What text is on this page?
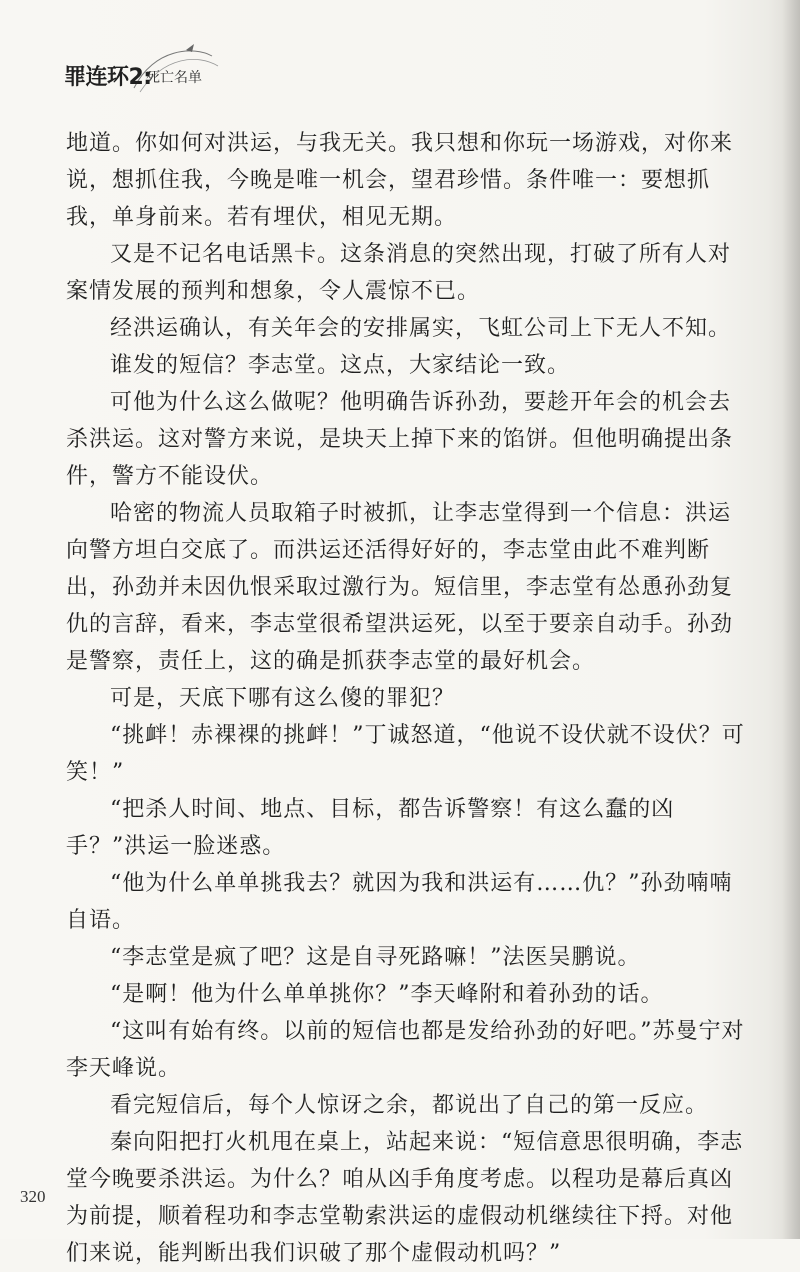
罪连环2:
死亡名单

地道。你如何对洪运，与我无关。我只想和你玩一场游戏，对你来说，想抓住我，今晚是唯一机会，望君珍惜。条件唯一：要想抓我，单身前来。若有埋伏，相见无期。

又是不记名电话黑卡。这条消息的突然出现，打破了所有人对案情发展的预判和想象，令人震惊不已。

经洪运确认，有关年会的安排属实，飞虹公司上下无人不知。

谁发的短信？李志堂。这点，大家结论一致。

可他为什么这么做呢？他明确告诉孙劲，要趁开年会的机会去杀洪运。这对警方来说，是块天上掉下来的馅饼。但他明确提出条件，警方不能设伏。

哈密的物流人员取箱子时被抓，让李志堂得到一个信息：洪运向警方坦白交底了。而洪运还活得好好的，李志堂由此不难判断出，孙劲并未因仇恨采取过激行为。短信里，李志堂有怂恿孙劲复仇的言辞，看来，李志堂很希望洪运死，以至于要亲自动手。孙劲是警察，责任上，这的确是抓获李志堂的最好机会。

可是，天底下哪有这么傻的罪犯？

“挑衅！赤裸裸的挑衅！”丁诚怒道，“他说不设伏就不设伏？可笑！”

“把杀人时间、地点、目标，都告诉警察！有这么蠢的凶手？”洪运一脸迷惑。

“他为什么单单挑我去？就因为我和洪运有……仇？”孙劲喃喃自语。

“李志堂是疯了吧？这是自寻死路嘛！”法医吴鹏说。

“是啊！他为什么单单挑你？”李天峰附和着孙劲的话。

“这叫有始有终。以前的短信也都是发给孙劲的好吧。”苏曼宁对李天峰说。

看完短信后，每个人惊讶之余，都说出了自己的第一反应。

秦向阳把打火机甩在桌上，站起来说：“短信意思很明确，李志堂今晚要杀洪运。为什么？咱从凶手角度考虑。以程功是幕后真凶为前提，顺着程功和李志堂勒索洪运的虚假动机继续往下捋。对他们来说，能判断出我们识破了那个虚假动机吗？”

320
